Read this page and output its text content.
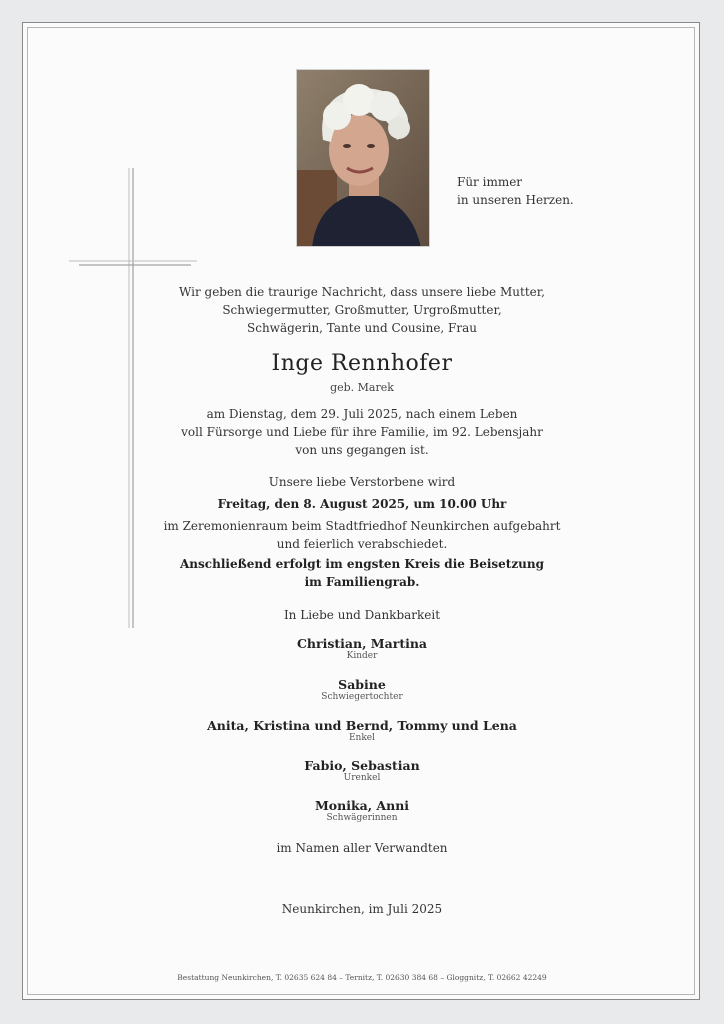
Für immer
in unseren Herzen.
Wir geben die traurige Nachricht, dass unsere liebe Mutter,
Schwiegermutter, Großmutter, Urgroßmutter,
Schwägerin, Tante und Cousine, Frau
Inge Rennhofer
geb. Marek
am Dienstag, dem 29. Juli 2025, nach einem Leben
voll Fürsorge und Liebe für ihre Familie, im 92. Lebensjahr
von uns gegangen ist.
Unsere liebe Verstorbene wird
Freitag, den 8. August 2025, um 10.00 Uhr
im Zeremonienraum beim Stadtfriedhof Neunkirchen aufgebahrt
und feierlich verabschiedet.
Anschließend erfolgt im engsten Kreis die Beisetzung
im Familiengrab.
In Liebe und Dankbarkeit
Christian, Martina
Kinder
Sabine
Schwiegertochter
Anita, Kristina und Bernd, Tommy und Lena
Enkel
Fabio, Sebastian
Urenkel
Monika, Anni
Schwägerinnen
im Namen aller Verwandten
Neunkirchen, im Juli 2025
Bestattung Neunkirchen, T. 02635 624 84 – Ternitz, T. 02630 384 68 – Gloggnitz, T. 02662 42249
